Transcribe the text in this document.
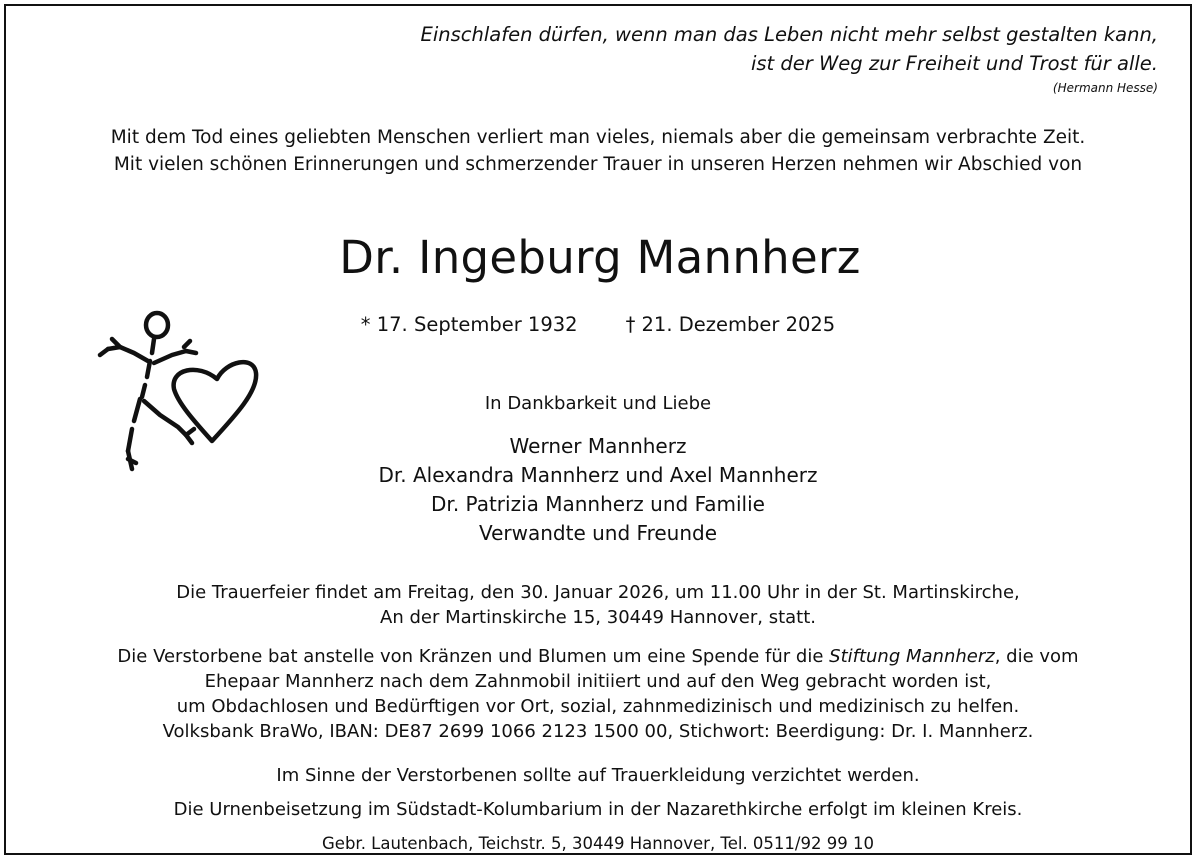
Einschlafen dürfen, wenn man das Leben nicht mehr selbst gestalten kann,
ist der Weg zur Freiheit und Trost für alle.
(Hermann Hesse)
Mit dem Tod eines geliebten Menschen verliert man vieles, niemals aber die gemeinsam verbrachte Zeit.
Mit vielen schönen Erinnerungen und schmerzender Trauer in unseren Herzen nehmen wir Abschied von
Dr. Ingeburg Mannherz
* 17. September 1932 † 21. Dezember 2025
In Dankbarkeit und Liebe
Werner Mannherz
Dr. Alexandra Mannherz und Axel Mannherz
Dr. Patrizia Mannherz und Familie
Verwandte und Freunde
Die Trauerfeier findet am Freitag, den 30. Januar 2026, um 11.00 Uhr in der St. Martinskirche,
An der Martinskirche 15, 30449 Hannover, statt.
Die Verstorbene bat anstelle von Kränzen und Blumen um eine Spende für die Stiftung Mannherz, die vom
Ehepaar Mannherz nach dem Zahnmobil initiiert und auf den Weg gebracht worden ist,
um Obdachlosen und Bedürftigen vor Ort, sozial, zahnmedizinisch und medizinisch zu helfen.
Volksbank BraWo, IBAN: DE87 2699 1066 2123 1500 00, Stichwort: Beerdigung: Dr. I. Mannherz.
Im Sinne der Verstorbenen sollte auf Trauerkleidung verzichtet werden.
Die Urnenbeisetzung im Südstadt-Kolumbarium in der Nazarethkirche erfolgt im kleinen Kreis.
Gebr. Lautenbach, Teichstr. 5, 30449 Hannover, Tel. 0511/92 99 10
